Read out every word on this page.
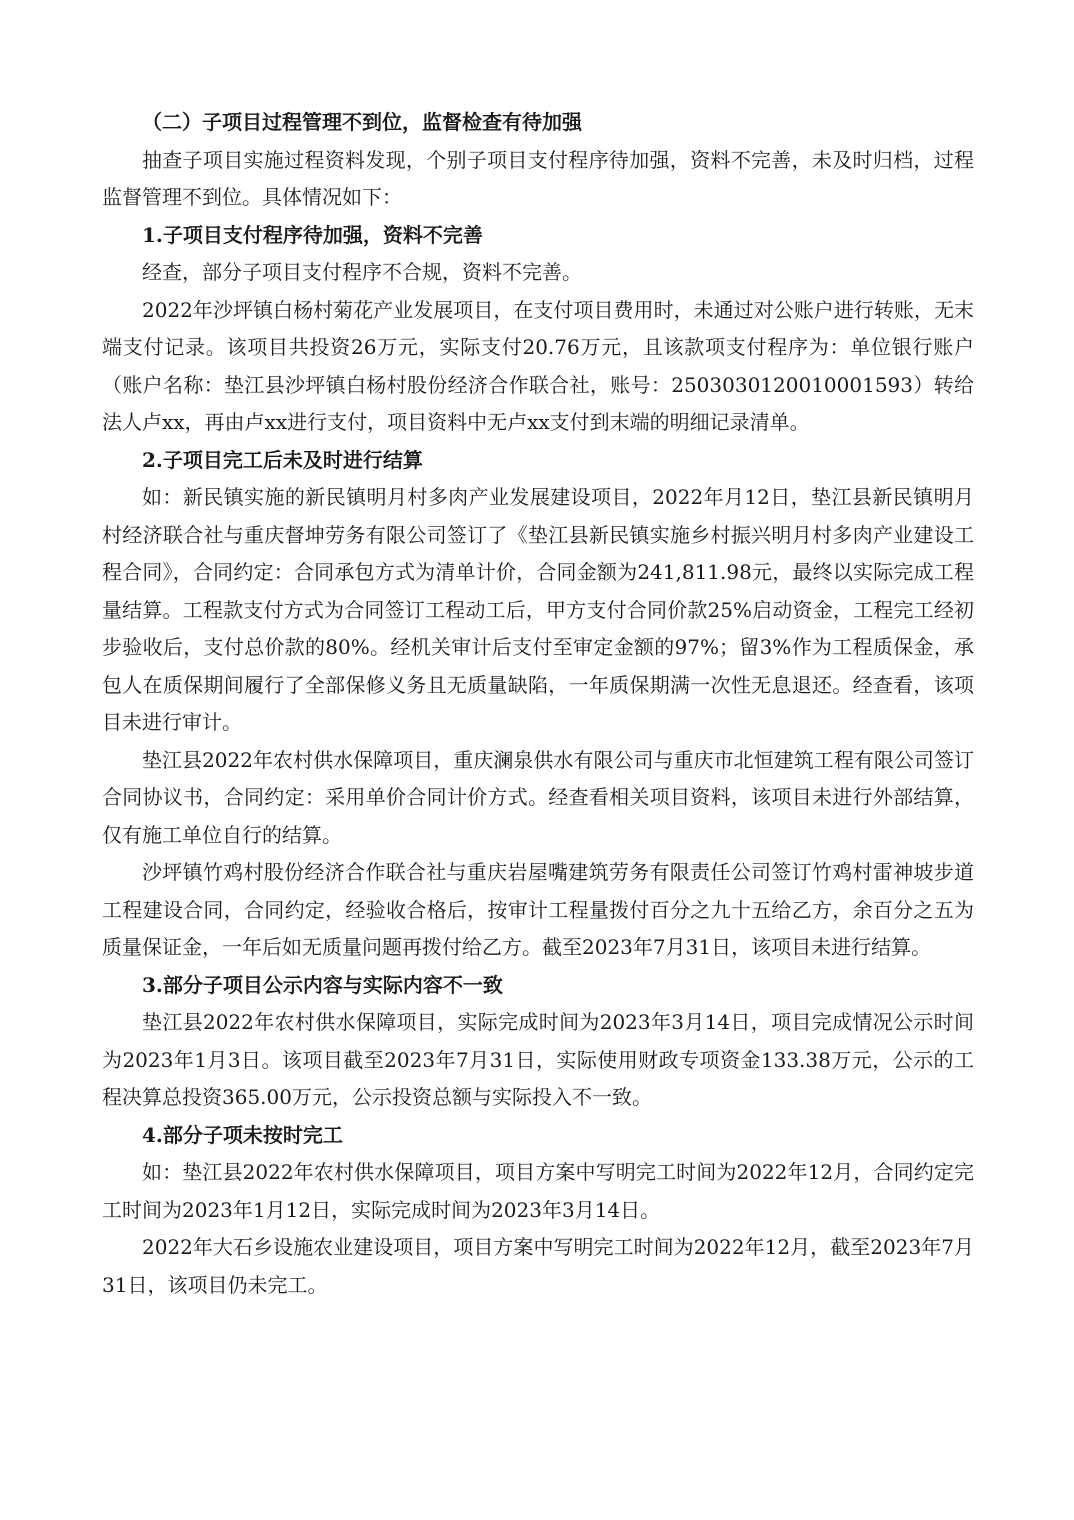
（二）子项目过程管理不到位，监督检查有待加强

抽查子项目实施过程资料发现，个别子项目支付程序待加强，资料不完善，未及时归档，过程监督管理不到位。具体情况如下：

1.子项目支付程序待加强，资料不完善

经查，部分子项目支付程序不合规，资料不完善。

2022年沙坪镇白杨村菊花产业发展项目，在支付项目费用时，未通过对公账户进行转账，无末端支付记录。该项目共投资26万元，实际支付20.76万元，且该款项支付程序为：单位银行账户（账户名称：垫江县沙坪镇白杨村股份经济合作联合社，账号：2503030120010001593）转给法人卢xx，再由卢xx进行支付，项目资料中无卢xx支付到末端的明细记录清单。

2.子项目完工后未及时进行结算

如：新民镇实施的新民镇明月村多肉产业发展建设项目，2022年月12日，垫江县新民镇明月村经济联合社与重庆督坤劳务有限公司签订了《垫江县新民镇实施乡村振兴明月村多肉产业建设工程合同》，合同约定：合同承包方式为清单计价，合同金额为241,811.98元，最终以实际完成工程量结算。工程款支付方式为合同签订工程动工后，甲方支付合同价款25%启动资金，工程完工经初步验收后，支付总价款的80%。经机关审计后支付至审定金额的97%；留3%作为工程质保金，承包人在质保期间履行了全部保修义务且无质量缺陷，一年质保期满一次性无息退还。经查看，该项目未进行审计。

垫江县2022年农村供水保障项目，重庆澜泉供水有限公司与重庆市北恒建筑工程有限公司签订合同协议书，合同约定：采用单价合同计价方式。经查看相关项目资料，该项目未进行外部结算，仅有施工单位自行的结算。

沙坪镇竹鸡村股份经济合作联合社与重庆岩屋嘴建筑劳务有限责任公司签订竹鸡村雷神坡步道工程建设合同，合同约定，经验收合格后，按审计工程量拨付百分之九十五给乙方，余百分之五为质量保证金，一年后如无质量问题再拨付给乙方。截至2023年7月31日，该项目未进行结算。

3.部分子项目公示内容与实际内容不一致

垫江县2022年农村供水保障项目，实际完成时间为2023年3月14日，项目完成情况公示时间为2023年1月3日。该项目截至2023年7月31日，实际使用财政专项资金133.38万元，公示的工程决算总投资365.00万元，公示投资总额与实际投入不一致。

4.部分子项未按时完工

如：垫江县2022年农村供水保障项目，项目方案中写明完工时间为2022年12月，合同约定完工时间为2023年1月12日，实际完成时间为2023年3月14日。

2022年大石乡设施农业建设项目，项目方案中写明完工时间为2022年12月，截至2023年7月31日，该项目仍未完工。
